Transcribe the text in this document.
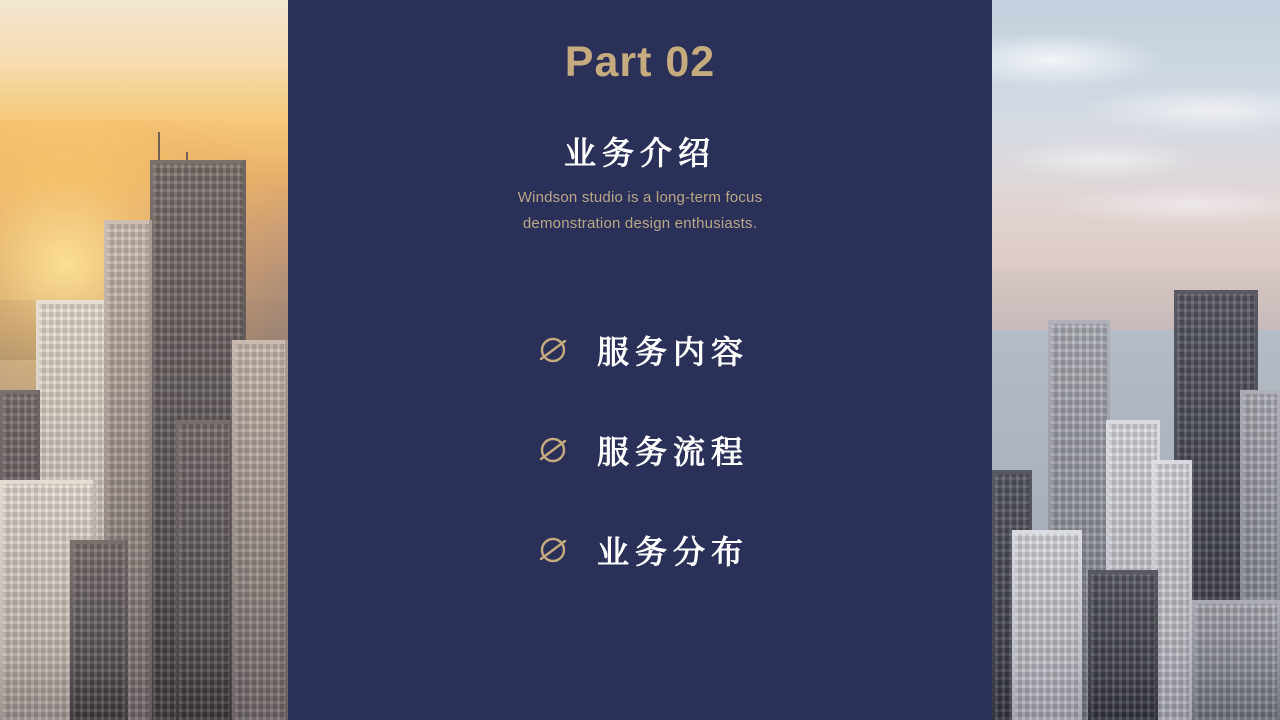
Part 02
业务介绍
Windson studio is a long-term focus
demonstration design enthusiasts.
服务内容
服务流程
业务分布
